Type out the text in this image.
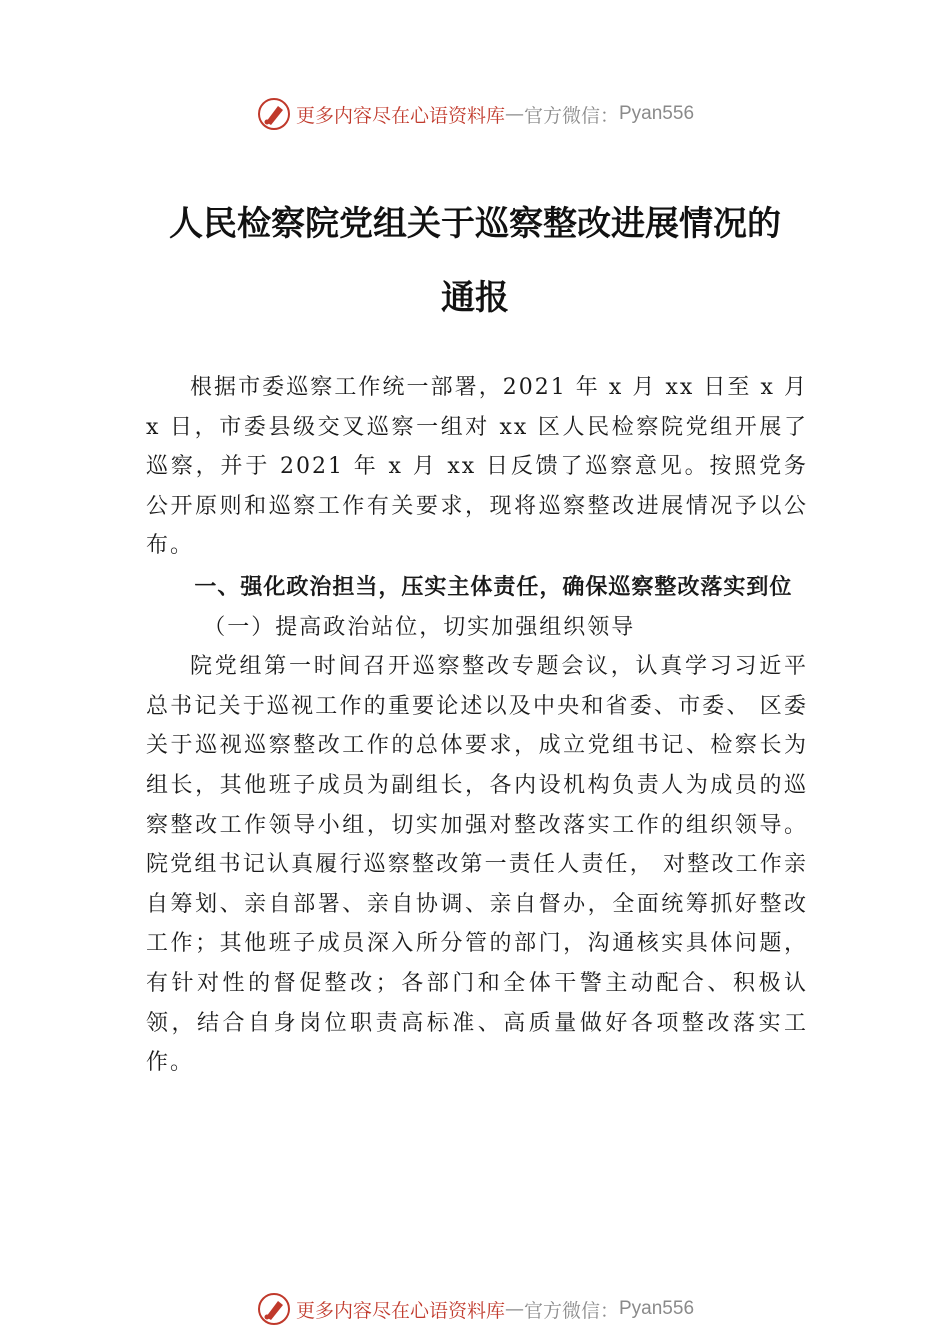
更多内容尽在心语资料库 — 官方微信： Pyan556
人民检察院党组关于巡察整改进展情况的
通报

根据市委巡察工作统一部署，2021 年 x 月 xx 日至 x 月 x 日，市委县级交叉巡察一组对 xx 区人民检察院党组开展了巡察，并于 2021 年 x 月 xx 日反馈了巡察意见。按照党务公开原则和巡察工作有关要求，现将巡察整改进展情况予以公布。

一、强化政治担当，压实主体责任，确保巡察整改落实到位

（一）提高政治站位，切实加强组织领导

院党组第一时间召开巡察整改专题会议，认真学习习近平总书记关于巡视工作的重要论述以及中央和省委、市委、 区委关于巡视巡察整改工作的总体要求，成立党组书记、检察长为组长，其他班子成员为副组长，各内设机构负责人为成员的巡察整改工作领导小组，切实加强对整改落实工作的组织领导。院党组书记认真履行巡察整改第一责任人责任， 对整改工作亲自筹划、亲自部署、亲自协调、亲自督办，全面统筹抓好整改工作；其他班子成员深入所分管的部门，沟通核实具体问题，有针对性的督促整改；各部门和全体干警主动配合、积极认领，结合自身岗位职责高标准、高质量做好各项整改落实工作。

更多内容尽在心语资料库 — 官方微信： Pyan556
